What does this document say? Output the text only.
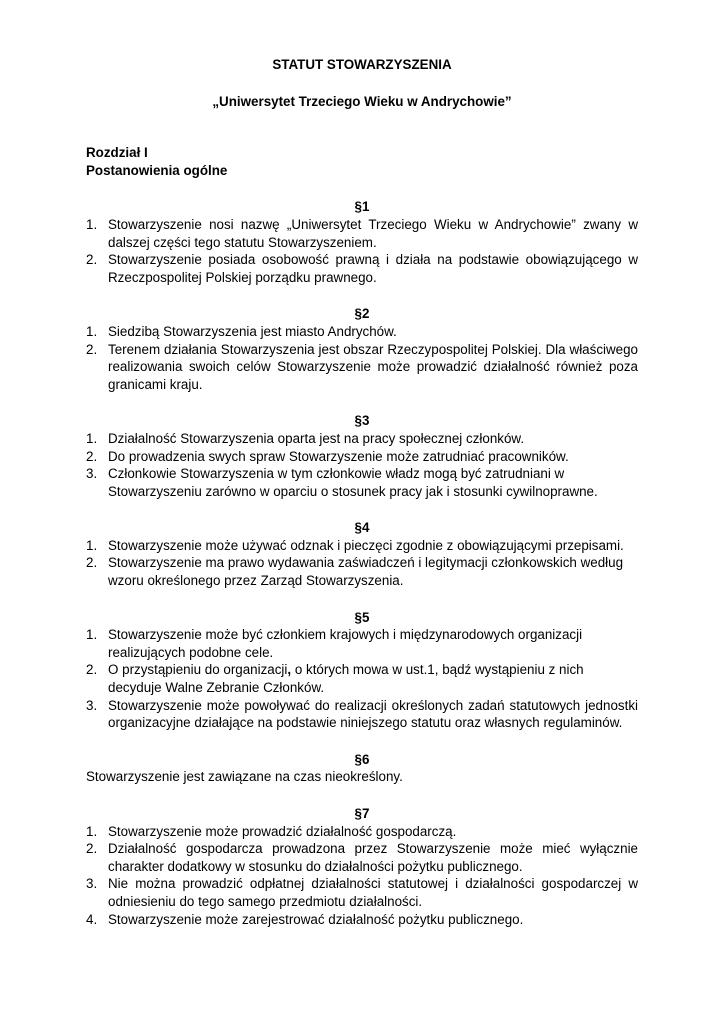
STATUT STOWARZYSZENIA

„Uniwersytet Trzeciego Wieku w Andrychowie”

Rozdział I

Postanowienia ogólne

§1

1. Stowarzyszenie nosi nazwę „Uniwersytet Trzeciego Wieku w Andrychowie” zwany w dalszej części tego statutu Stowarzyszeniem.
2. Stowarzyszenie posiada osobowość prawną i działa na podstawie obowiązującego w Rzeczpospolitej Polskiej porządku prawnego.

§2

1. Siedzibą Stowarzyszenia jest miasto Andrychów.
2. Terenem działania Stowarzyszenia jest obszar Rzeczypospolitej Polskiej. Dla właściwego realizowania swoich celów Stowarzyszenie może prowadzić działalność również poza granicami kraju.

§3

1. Działalność Stowarzyszenia oparta jest na pracy społecznej członków.
2. Do prowadzenia swych spraw Stowarzyszenie może zatrudniać pracowników.
3. Członkowie Stowarzyszenia w tym członkowie władz mogą być zatrudniani w Stowarzyszeniu zarówno w oparciu o stosunek pracy jak i stosunki cywilnoprawne.

§4

1. Stowarzyszenie może używać odznak i pieczęci zgodnie z obowiązującymi przepisami.
2. Stowarzyszenie ma prawo wydawania zaświadczeń i legitymacji członkowskich według wzoru określonego przez Zarząd Stowarzyszenia.

§5

1. Stowarzyszenie może być członkiem krajowych i międzynarodowych organizacji realizujących podobne cele.
2. O przystąpieniu do organizacji, o których mowa w ust.1, bądź wystąpieniu z nich decyduje Walne Zebranie Członków.
3. Stowarzyszenie może powoływać do realizacji określonych zadań statutowych jednostki organizacyjne działające na podstawie niniejszego statutu oraz własnych regulaminów.

§6

Stowarzyszenie jest zawiązane na czas nieokreślony.

§7

1. Stowarzyszenie może prowadzić działalność gospodarczą.
2. Działalność gospodarcza prowadzona przez Stowarzyszenie może mieć wyłącznie charakter dodatkowy w stosunku do działalności pożytku publicznego.
3. Nie można prowadzić odpłatnej działalności statutowej i działalności gospodarczej w odniesieniu do tego samego przedmiotu działalności.
4. Stowarzyszenie może zarejestrować działalność pożytku publicznego.
